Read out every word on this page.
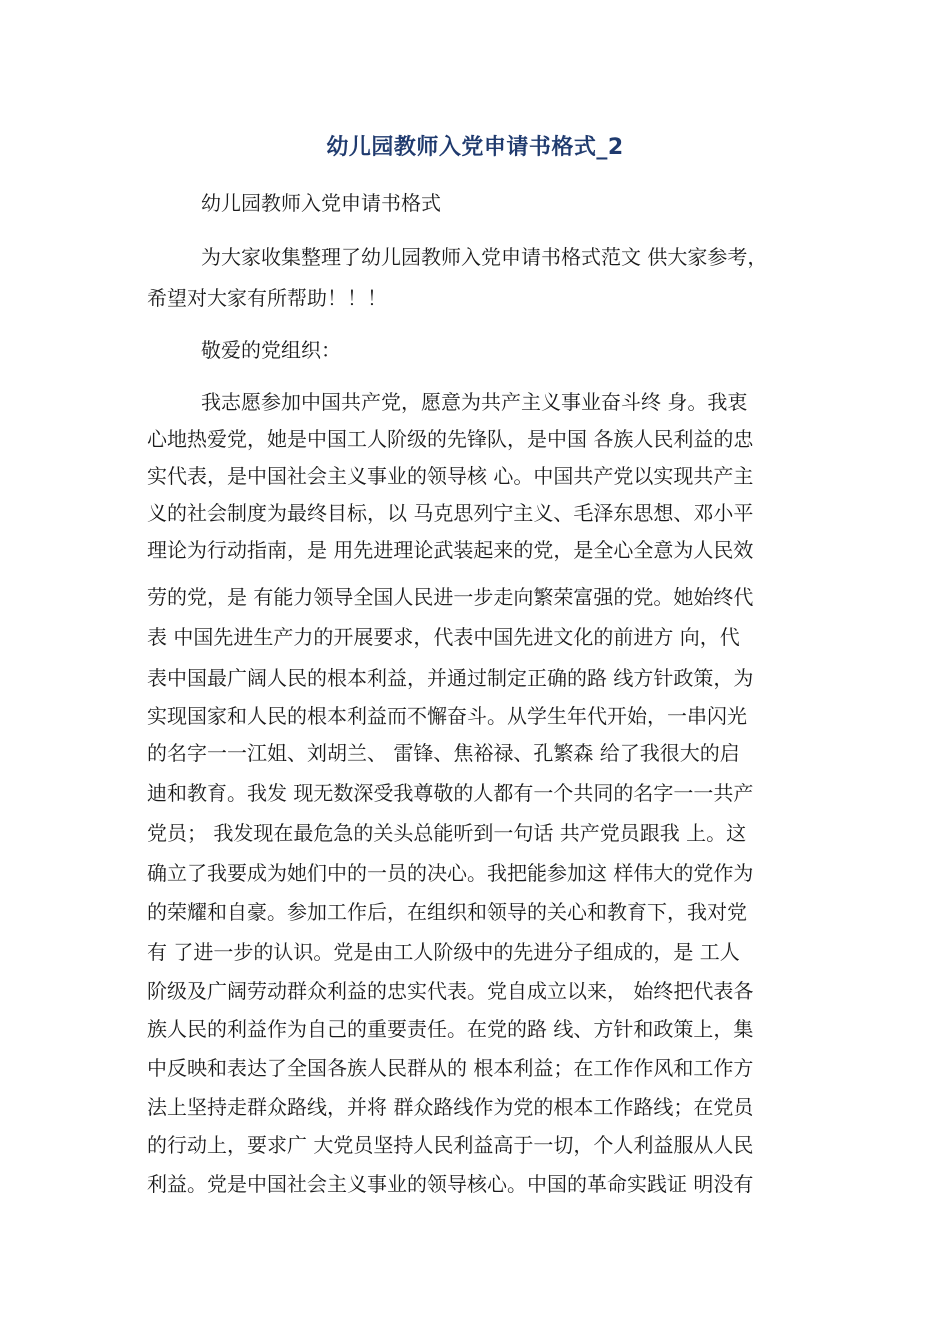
幼儿园教师入党申请书格式_2
幼儿园教师入党申请书格式
为大家收集整理了幼儿园教师入党申请书格式范文 供大家参考，
希望对大家有所帮助！！！
敬爱的党组织：
我志愿参加中国共产党，愿意为共产主义事业奋斗终 身。我衷
心地热爱党，她是中国工人阶级的先锋队，是中国 各族人民利益的忠
实代表，是中国社会主义事业的领导核 心。中国共产党以实现共产主
义的社会制度为最终目标，以 马克思列宁主义、毛泽东思想、邓小平
理论为行动指南，是 用先进理论武装起来的党，是全心全意为人民效
劳的党，是 有能力领导全国人民进一步走向繁荣富强的党。她始终代
表 中国先进生产力的开展要求，代表中国先进文化的前进方 向，代
表中国最广阔人民的根本利益，并通过制定正确的路 线方针政策，为
实现国家和人民的根本利益而不懈奋斗。从学生年代开始，一串闪光
的名字一一江姐、刘胡兰、 雷锋、焦裕禄、孔繁森 给了我很大的启
迪和教育。我发 现无数深受我尊敬的人都有一个共同的名字一一共产
党员； 我发现在最危急的关头总能听到一句话 共产党员跟我 上。这
确立了我要成为她们中的一员的决心。我把能参加这 样伟大的党作为
的荣耀和自豪。参加工作后，在组织和领导的关心和教育下，我对党
有 了进一步的认识。党是由工人阶级中的先进分子组成的，是 工人
阶级及广阔劳动群众利益的忠实代表。党自成立以来， 始终把代表各
族人民的利益作为自己的重要责任。在党的路 线、方针和政策上，集
中反映和表达了全国各族人民群从的 根本利益；在工作作风和工作方
法上坚持走群众路线，并将 群众路线作为党的根本工作路线；在党员
的行动上，要求广 大党员坚持人民利益高于一切，个人利益服从人民
利益。党是中国社会主义事业的领导核心。中国的革命实践证 明没有
